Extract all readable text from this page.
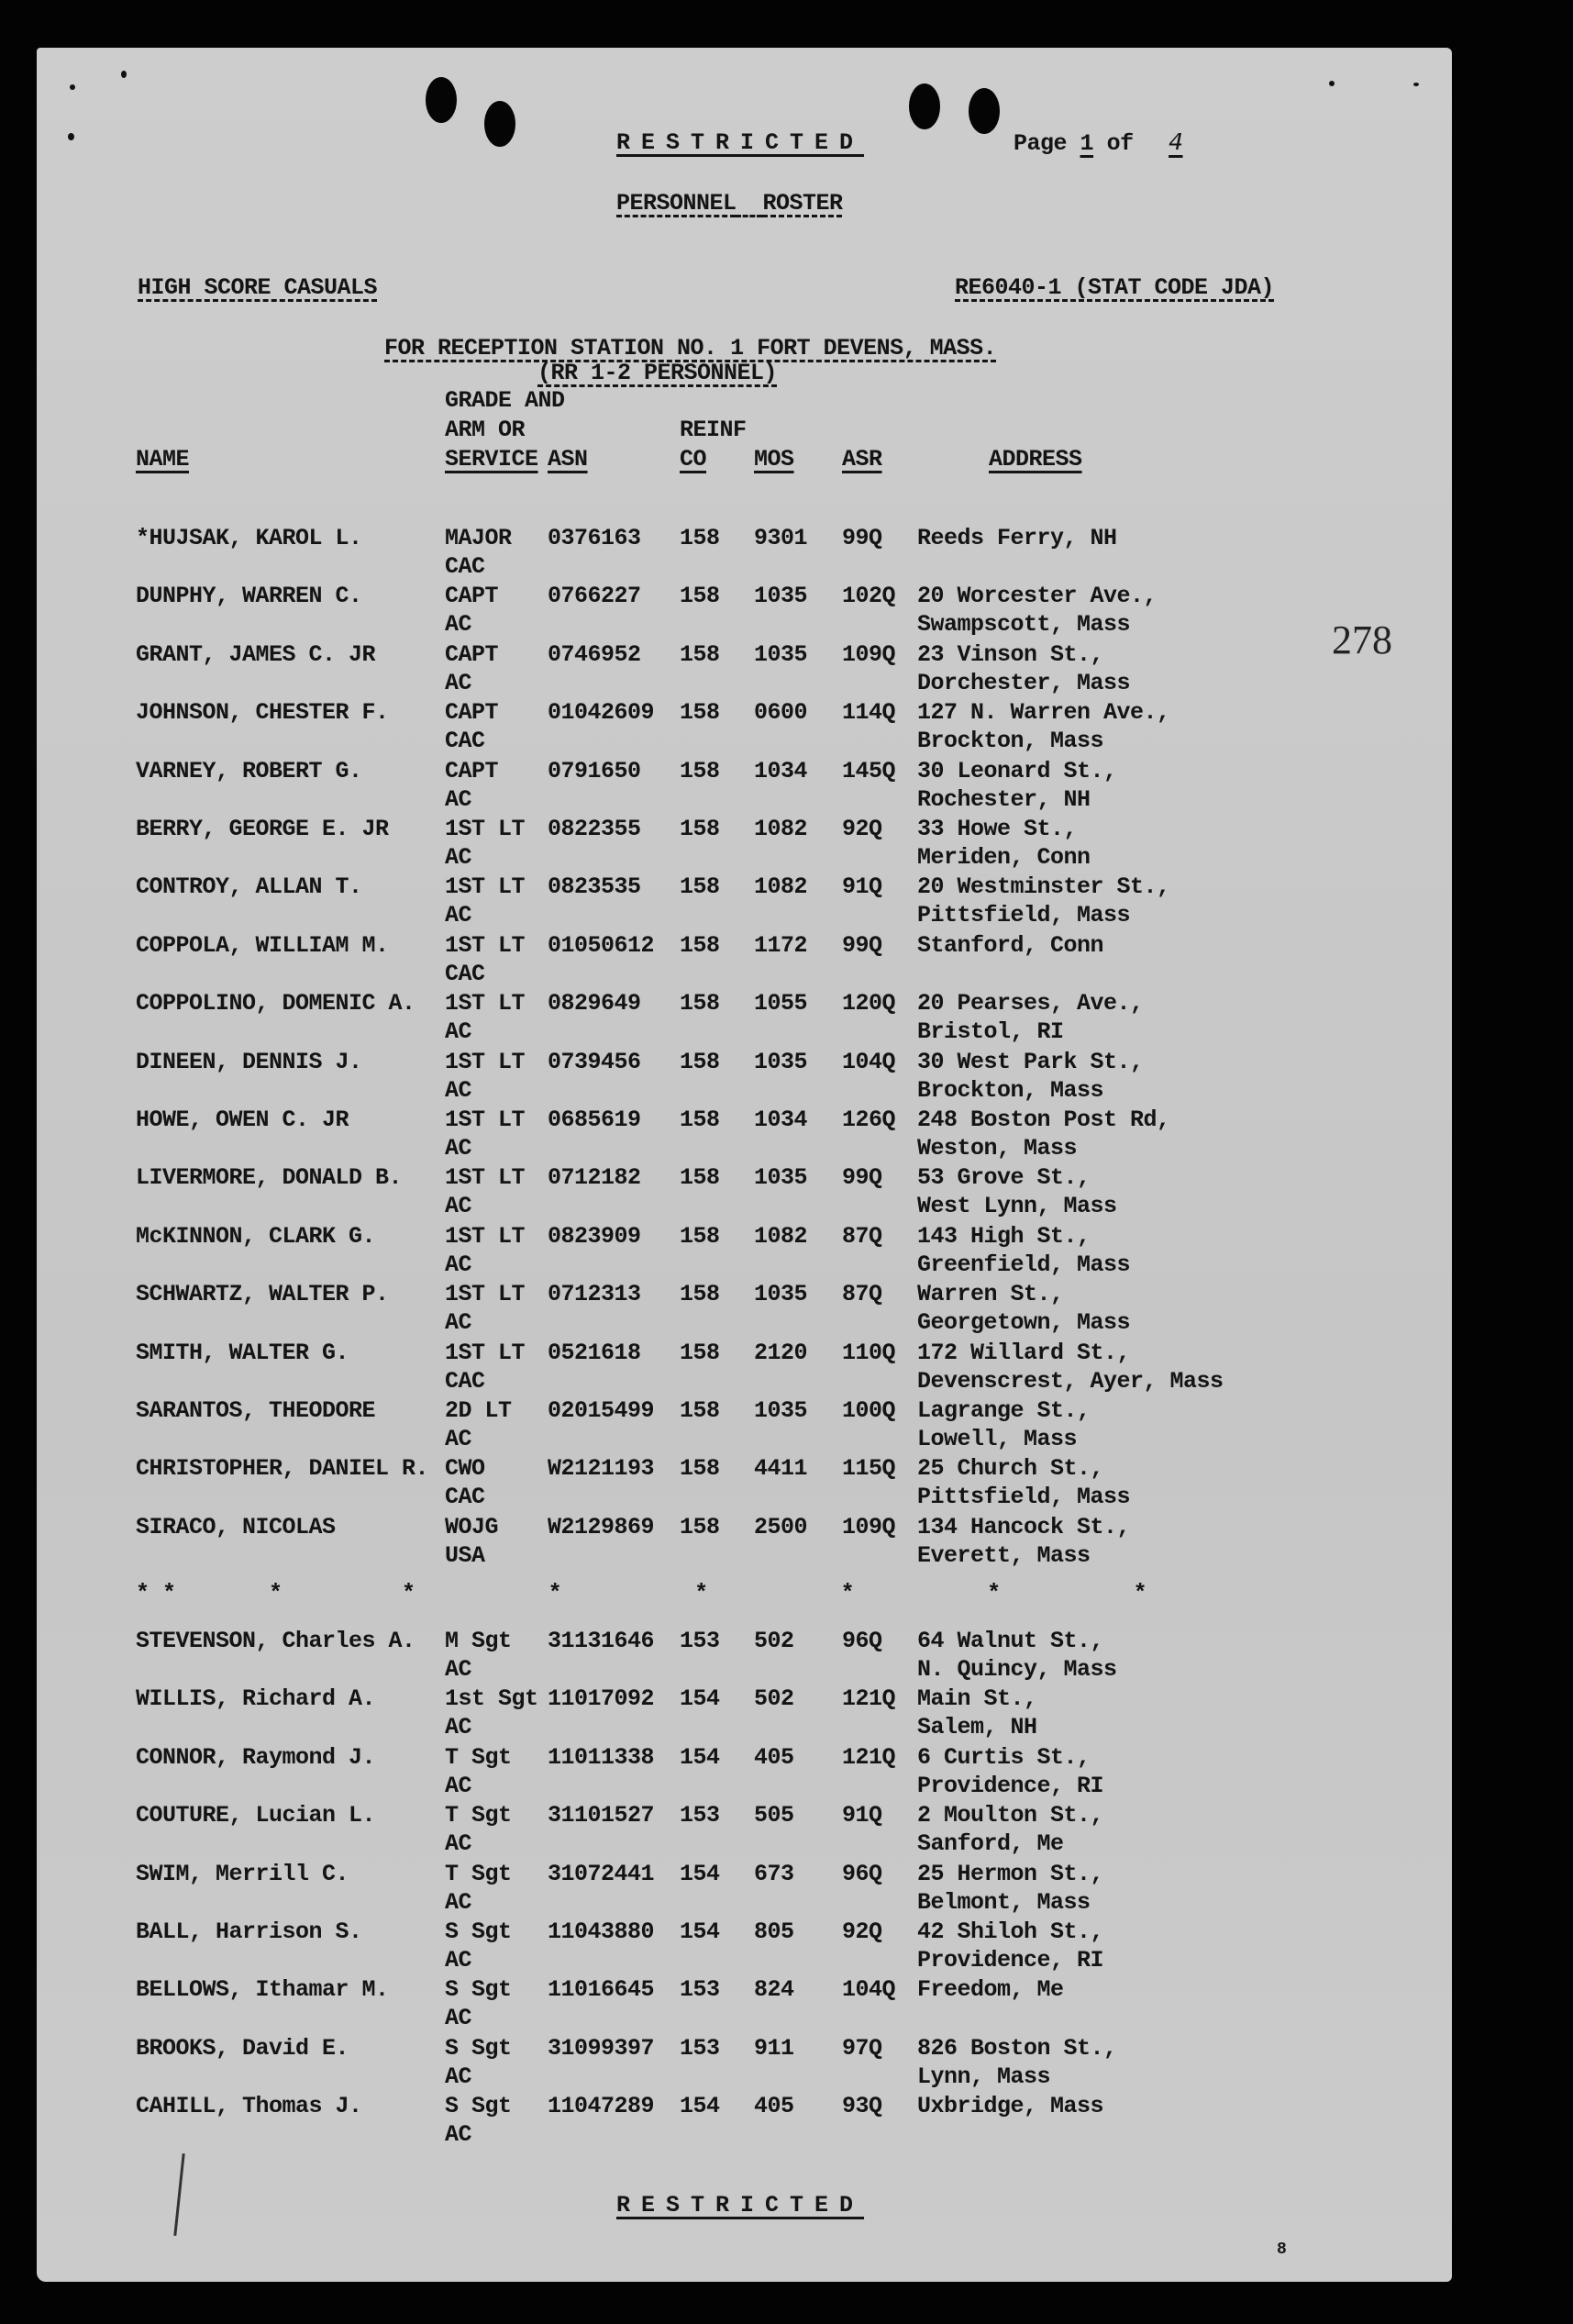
RESTRICTED	Page 1 of 4
PERSONNEL ROSTER
HIGH SCORE CASUALS	RE6040-1 (STAT CODE JDA)
FOR RECEPTION STATION NO. 1 FORT DEVENS, MASS.
(RR 1-2 PERSONNEL)
278
GRADE AND
ARM OR	REINF
NAME	SERVICE ASN	CO MOS ASR	ADDRESS
*HUJSAK, KAROL L.	MAJOR 0376163 158 9301 99Q Reeds Ferry, NH
CAC
DUNPHY, WARREN C.	CAPT 0766227 158 1035 102Q 20 Worcester Ave.,
AC	Swampscott, Mass
GRANT, JAMES C. JR	CAPT 0746952 158 1035 109Q 23 Vinson St.,
AC	Dorchester, Mass
JOHNSON, CHESTER F. CAPT 01042609 158 0600 114Q 127 N. Warren Ave.,
CAC	Brockton, Mass
VARNEY, ROBERT G.	CAPT 0791650 158 1034 145Q 30 Leonard St.,
AC	Rochester, NH
BERRY, GEORGE E. JR 1ST LT 0822355 158 1082 92Q 33 Howe St.,
AC	Meriden, Conn
CONTROY, ALLAN T.	1ST LT 0823535 158 1082 91Q 20 Westminster St.,
AC	Pittsfield, Mass
COPPOLA, WILLIAM M. 1ST LT 01050612 158 1172 99Q Stanford, Conn
CAC
COPPOLINO, DOMENIC A. 1ST LT 0829649 158 1055 120Q 20 Pearses, Ave.,
AC	Bristol, RI
DINEEN, DENNIS J.	1ST LT 0739456 158 1035 104Q 30 West Park St.,
AC	Brockton, Mass
HOWE, OWEN C. JR	1ST LT 0685619 158 1034 126Q 248 Boston Post Rd,
AC	Weston, Mass
LIVERMORE, DONALD B. 1ST LT 0712182 158 1035 99Q 53 Grove St.,
AC	West Lynn, Mass
McKINNON, CLARK G.	1ST LT 0823909 158 1082 87Q 143 High St.,
AC	Greenfield, Mass
SCHWARTZ, WALTER P. 1ST LT 0712313 158 1035 87Q Warren St.,
AC	Georgetown, Mass
SMITH, WALTER G.	1ST LT 0521618 158 2120 110Q 172 Willard St.,
CAC	Devenscrest, Ayer, Mass
SARANTOS, THEODORE	2D LT 02015499 158 1035 100Q Lagrange St.,
AC	Lowell, Mass
CHRISTOPHER, DANIEL R. CWO	W2121193 158 4411 115Q 25 Church St.,
CAC	Pittsfield, Mass
SIRACO, NICOLAS	WOJG W2129869 158 2500 109Q 134 Hancock St.,
USA	Everett, Mass
* *       *         *          *          *          *          *          *
STEVENSON, Charles A. M Sgt 31131646 153 502 96Q 64 Walnut St.,
AC	N. Quincy, Mass
WILLIS, Richard A.	1st Sgt 11017092 154 502 121Q Main St.,
AC	Salem, NH
CONNOR, Raymond J.	T Sgt 11011338 154 405 121Q 6 Curtis St.,
AC	Providence, RI
COUTURE, Lucian L.	T Sgt 31101527 153 505 91Q 2 Moulton St.,
AC	Sanford, Me
SWIM, Merrill C.	T Sgt 31072441 154 673 96Q 25 Hermon St.,
AC	Belmont, Mass
BALL, Harrison S.	S Sgt 11043880 154 805 92Q 42 Shiloh St.,
AC	Providence, RI
BELLOWS, Ithamar M. S Sgt 11016645 153 824 104Q Freedom, Me
AC
BROOKS, David E.	S Sgt 31099397 153 911 97Q 826 Boston St.,
AC	Lynn, Mass
CAHILL, Thomas J.	S Sgt 11047289 154 405 93Q Uxbridge, Mass
AC
RESTRICTED
8
